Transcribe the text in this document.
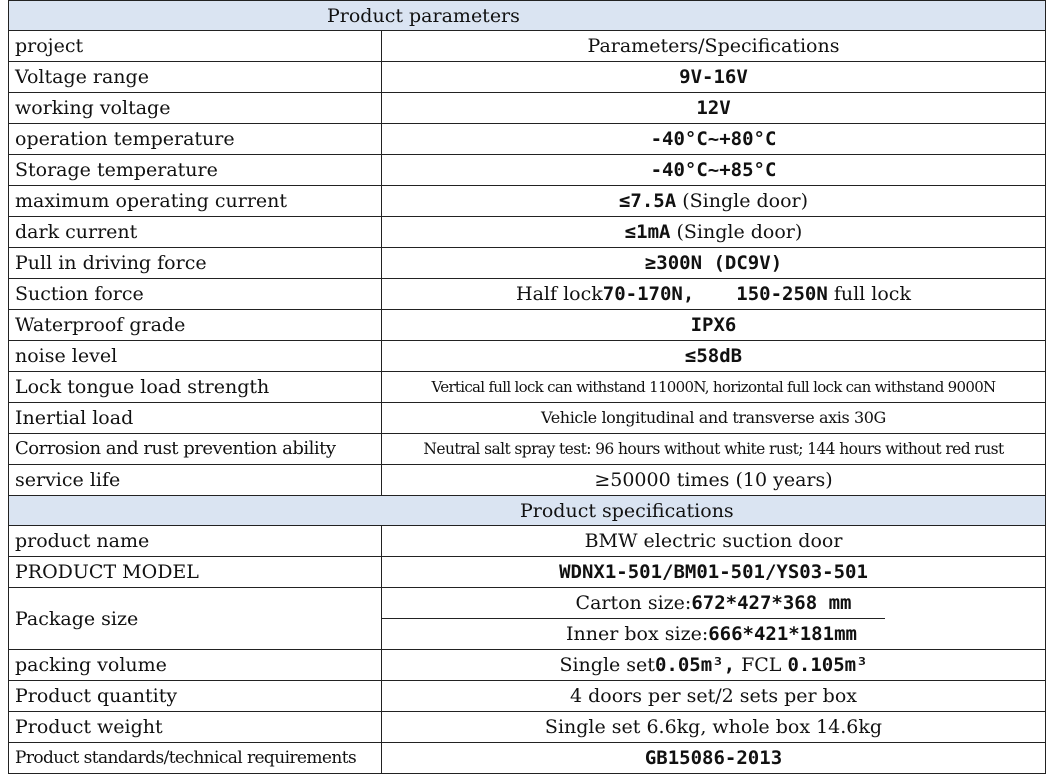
Product parameters	
project	Parameters/Specifications
Voltage range	9V-16V
working voltage	12V
operation temperature	-40°C~+80°C
Storage temperature	-40°C~+85°C
maximum operating current	≤7.5A (Single door)
dark current	≤1mA (Single door)
Pull in driving force	≥300N (DC9V)
Suction force	Half lock70-170N, 150-250N full lock
Waterproof grade	IPX6
noise level	≤58dB
Lock tongue load strength	Vertical full lock can withstand 11000N, horizontal full lock can withstand 9000N
Inertial load	Vehicle longitudinal and transverse axis 30G
Corrosion and rust prevention ability	Neutral salt spray test: 96 hours without white rust; 144 hours without red rust
service life	≥50000 times (10 years)
Product specifications	
product name	BMW electric suction door
PRODUCT MODEL	WDNX1-501/BM01-501/YS03-501
Package size	Carton size:672*427*368 mm
Inner box size:666*421*181mm

packing volume	Single set0.05m³, FCL 0.105m³
Product quantity	4 doors per set/2 sets per box
Product weight	Single set 6.6kg, whole box 14.6kg
Product standards/technical requirements	GB15086-2013
